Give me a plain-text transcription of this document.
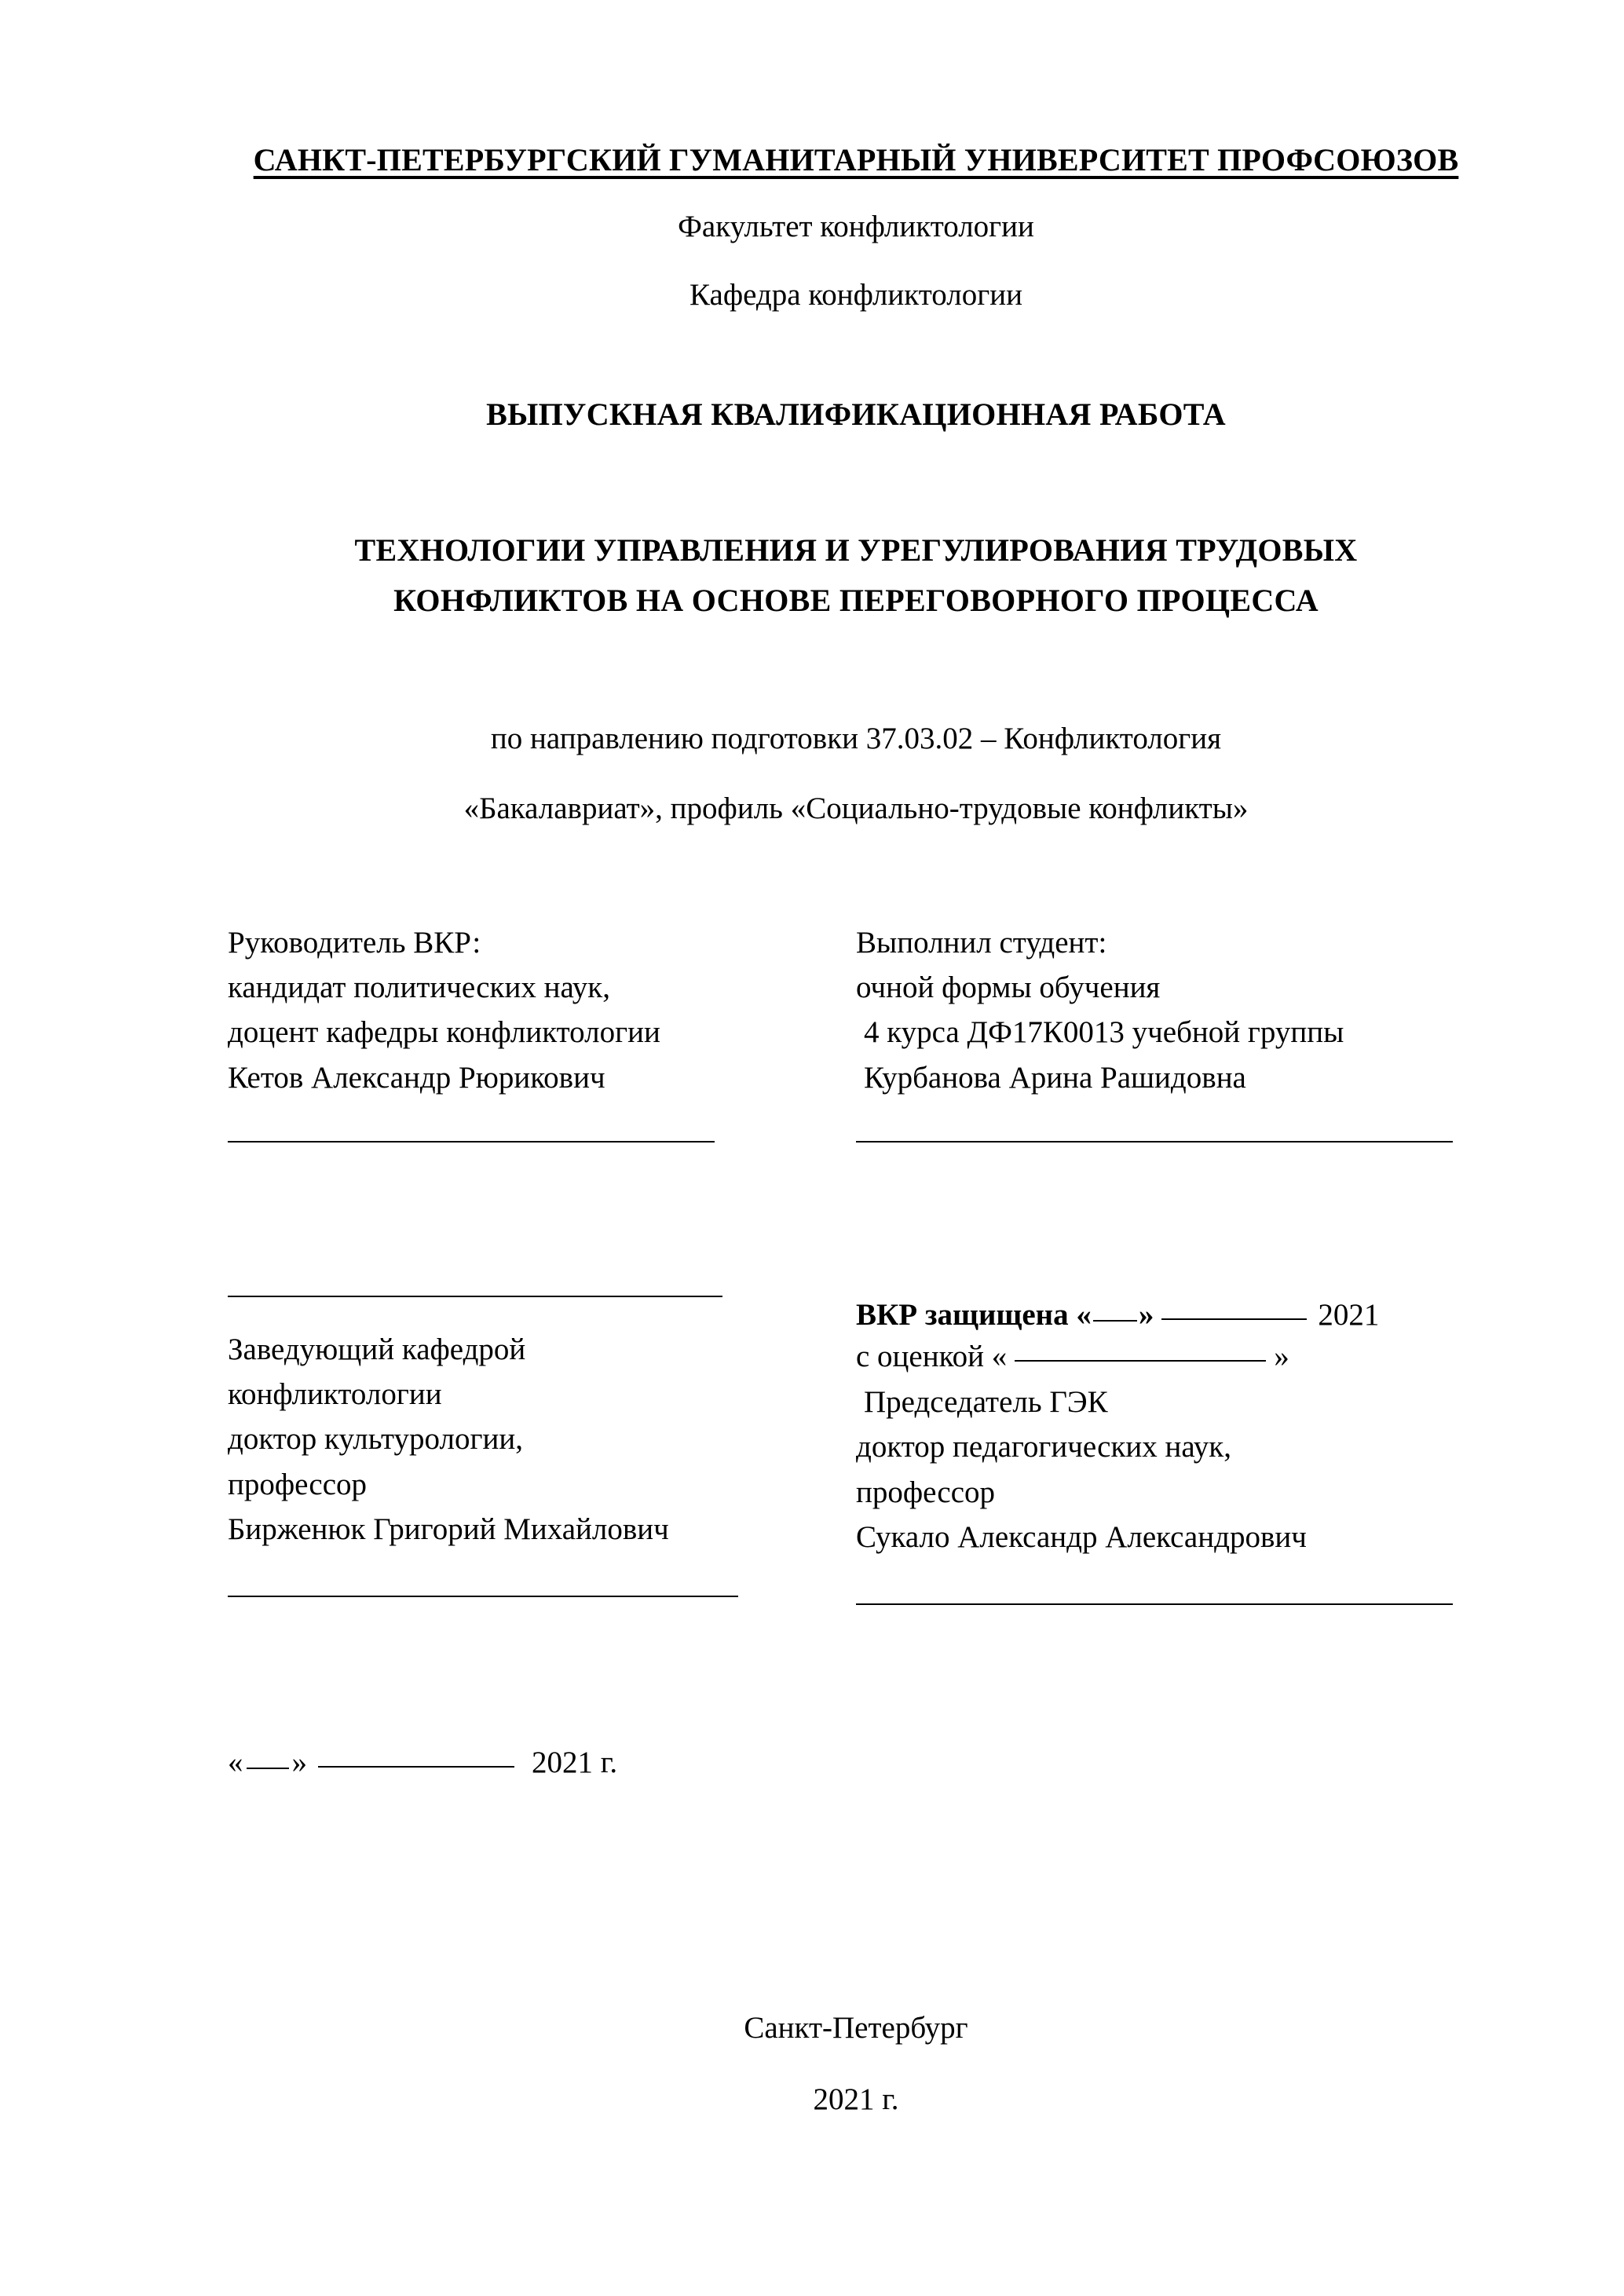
САНКТ-ПЕТЕРБУРГСКИЙ ГУМАНИТАРНЫЙ УНИВЕРСИТЕТ ПРОФСОЮЗОВ
Факультет конфликтологии
Кафедра конфликтологии
ВЫПУСКНАЯ КВАЛИФИКАЦИОННАЯ РАБОТА
ТЕХНОЛОГИИ УПРАВЛЕНИЯ И УРЕГУЛИРОВАНИЯ ТРУДОВЫХ
КОНФЛИКТОВ НА ОСНОВЕ ПЕРЕГОВОРНОГО ПРОЦЕССА
по направлению подготовки 37.03.02 – Конфликтология
«Бакалавриат», профиль «Социально-трудовые конфликты»
Руководитель ВКР:
кандидат политических наук,
доцент кафедры конфликтологии
Кетов Александр Рюрикович
Выполнил студент:
очной формы обучения
4 курса ДФ17К0013 учебной группы
Курбанова Арина Рашидовна
Заведующий кафедрой
конфликтологии
доктор культурологии,
профессор
Бирженюк Григорий Михайлович
ВКР защищена « »	2021
с оценкой «	»
Председатель ГЭК
доктор педагогических наук,
профессор
Сукало Александр Александрович
« »	2021 г.
Санкт-Петербург
2021 г.
